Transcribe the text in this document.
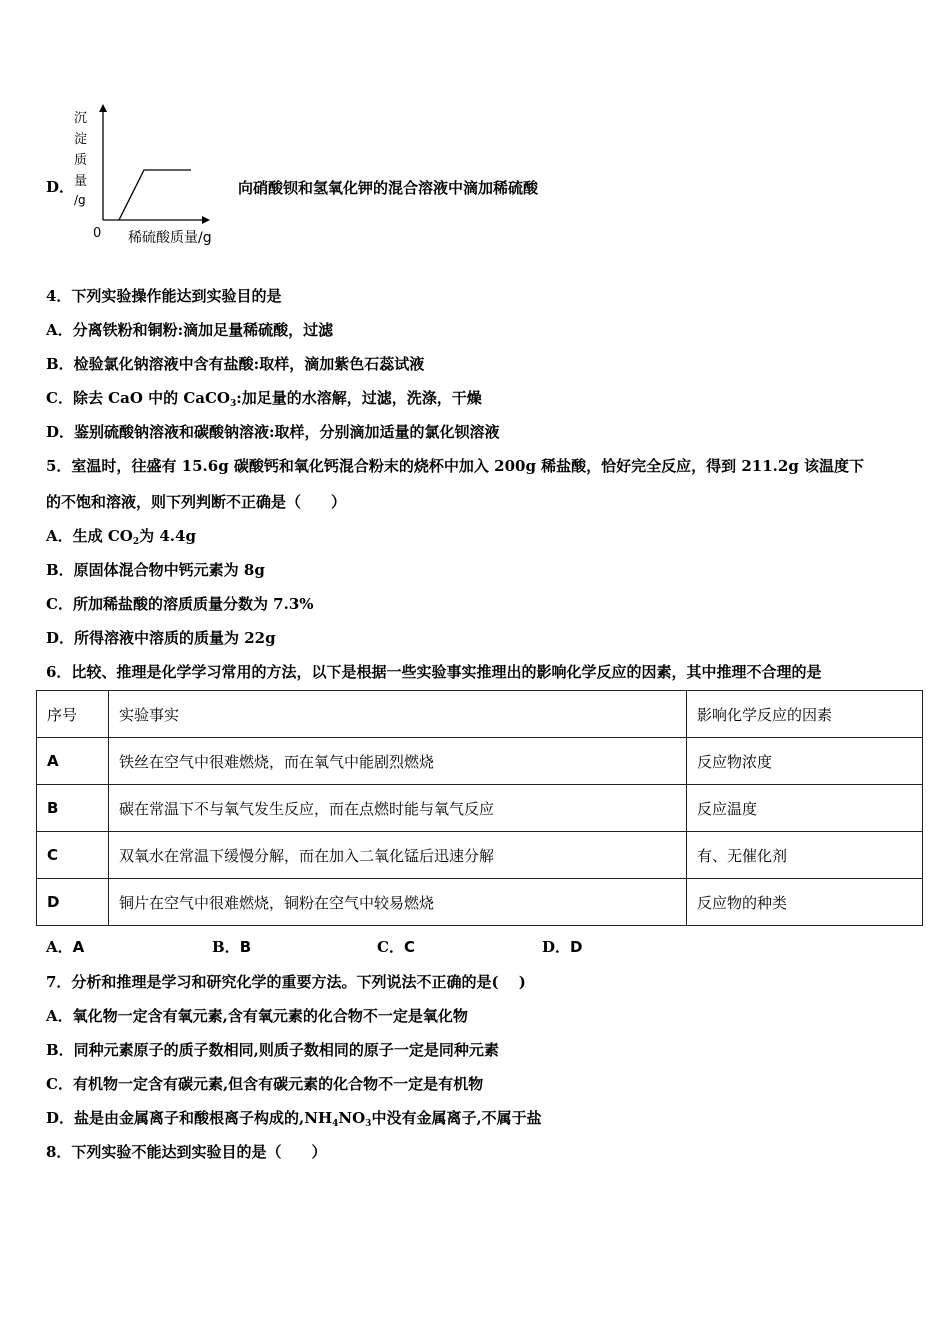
D．
沉
淀
质
量
/g
0 稀硫酸质量/g
向硝酸钡和氢氧化钾的混合溶液中滴加稀硫酸
4．下列实验操作能达到实验目的是
A．分离铁粉和铜粉:滴加足量稀硫酸，过滤
B．检验氯化钠溶液中含有盐酸:取样，滴加紫色石蕊试液
C．除去 CaO 中的 CaCO$_3$:加足量的水溶解，过滤，洗涤，干燥
D．鉴别硫酸钠溶液和碳酸钠溶液:取样，分别滴加适量的氯化钡溶液
5．室温时，往盛有 15.6g 碳酸钙和氧化钙混合粉末的烧杯中加入 200g 稀盐酸，恰好完全反应，得到 211.2g 该温度下
的不饱和溶液，则下列判断不正确是（　　）
A．生成 $CO_2$为 4.4g
B．原固体混合物中钙元素为 8g
C．所加稀盐酸的溶质质量分数为 7.3%
D．所得溶液中溶质的质量为 22g
6．比较、推理是化学学习常用的方法，以下是根据一些实验事实推理出的影响化学反应的因素，其中推理不合理的是
序号	实验事实	影响化学反应的因素
A	铁丝在空气中很难燃烧，而在氧气中能剧烈燃烧	反应物浓度
B	碳在常温下不与氧气发生反应，而在点燃时能与氧气反应	反应温度
C	双氧水在常温下缓慢分解，而在加入二氧化锰后迅速分解	有、无催化剂
D	铜片在空气中很难燃烧，铜粉在空气中较易燃烧	反应物的种类
A．A	B．B	C．C	D．D
7．分析和推理是学习和研究化学的重要方法。下列说法不正确的是(　 )
A．氧化物一定含有氧元素,含有氧元素的化合物不一定是氧化物
B．同种元素原子的质子数相同,则质子数相同的原子一定是同种元素
C．有机物一定含有碳元素,但含有碳元素的化合物不一定是有机物
D．盐是由金属离子和酸根离子构成的$,NH_4NO_3$中没有金属离子,不属于盐
8．下列实验不能达到实验目的是（　　）
